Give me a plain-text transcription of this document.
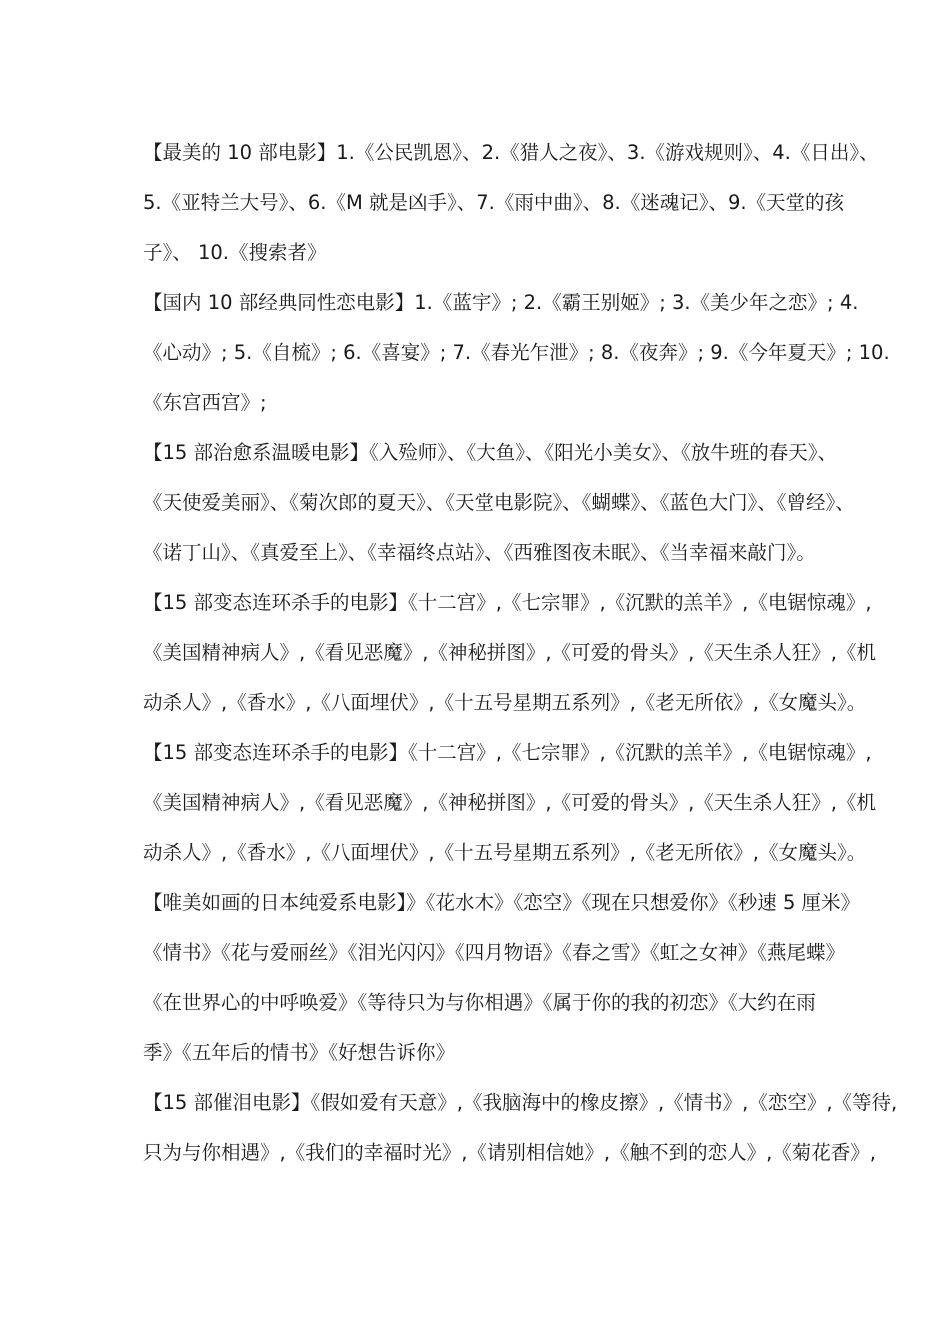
【最美的 10 部电影】1.《公民凯恩》、2.《猎人之夜》、3.《游戏规则》、4.《日出》、
5.《亚特兰大号》、6.《M 就是凶手》、7.《雨中曲》、8.《迷魂记》、9.《天堂的孩
子》、 10.《搜索者》
【国内 10 部经典同性恋电影】1.《蓝宇》; 2.《霸王别姬》; 3.《美少年之恋》; 4.
《心动》; 5.《自梳》; 6.《喜宴》; 7.《春光乍泄》; 8.《夜奔》; 9.《今年夏天》; 10.
《东宫西宫》;
【15 部治愈系温暖电影】《入殓师》、《大鱼》、《阳光小美女》、《放牛班的春天》、
《天使爱美丽》、《菊次郎的夏天》、《天堂电影院》、《蝴蝶》、《蓝色大门》、《曾经》、
《诺丁山》、《真爱至上》、《幸福终点站》、《西雅图夜未眠》、《当幸福来敲门》。
【15 部变态连环杀手的电影】《十二宫》,《七宗罪》,《沉默的羔羊》,《电锯惊魂》,
《美国精神病人》,《看见恶魔》,《神秘拼图》,《可爱的骨头》,《天生杀人狂》,《机
动杀人》,《香水》,《八面埋伏》,《十五号星期五系列》,《老无所依》,《女魔头》。
【15 部变态连环杀手的电影】《十二宫》,《七宗罪》,《沉默的羔羊》,《电锯惊魂》,
《美国精神病人》,《看见恶魔》,《神秘拼图》,《可爱的骨头》,《天生杀人狂》,《机
动杀人》,《香水》,《八面埋伏》,《十五号星期五系列》,《老无所依》,《女魔头》。
【唯美如画的日本纯爱系电影】》《花水木》《恋空》《现在只想爱你》《秒速 5 厘米》
《情书》《花与爱丽丝》《泪光闪闪》《四月物语》《春之雪》《虹之女神》《燕尾蝶》
《在世界心的中呼唤爱》《等待只为与你相遇》《属于你的我的初恋》《大约在雨
季》《五年后的情书》《好想告诉你》
【15 部催泪电影】《假如爱有天意》,《我脑海中的橡皮擦》,《情书》,《恋空》,《等待,
只为与你相遇》,《我们的幸福时光》,《请别相信她》,《触不到的恋人》,《菊花香》,
